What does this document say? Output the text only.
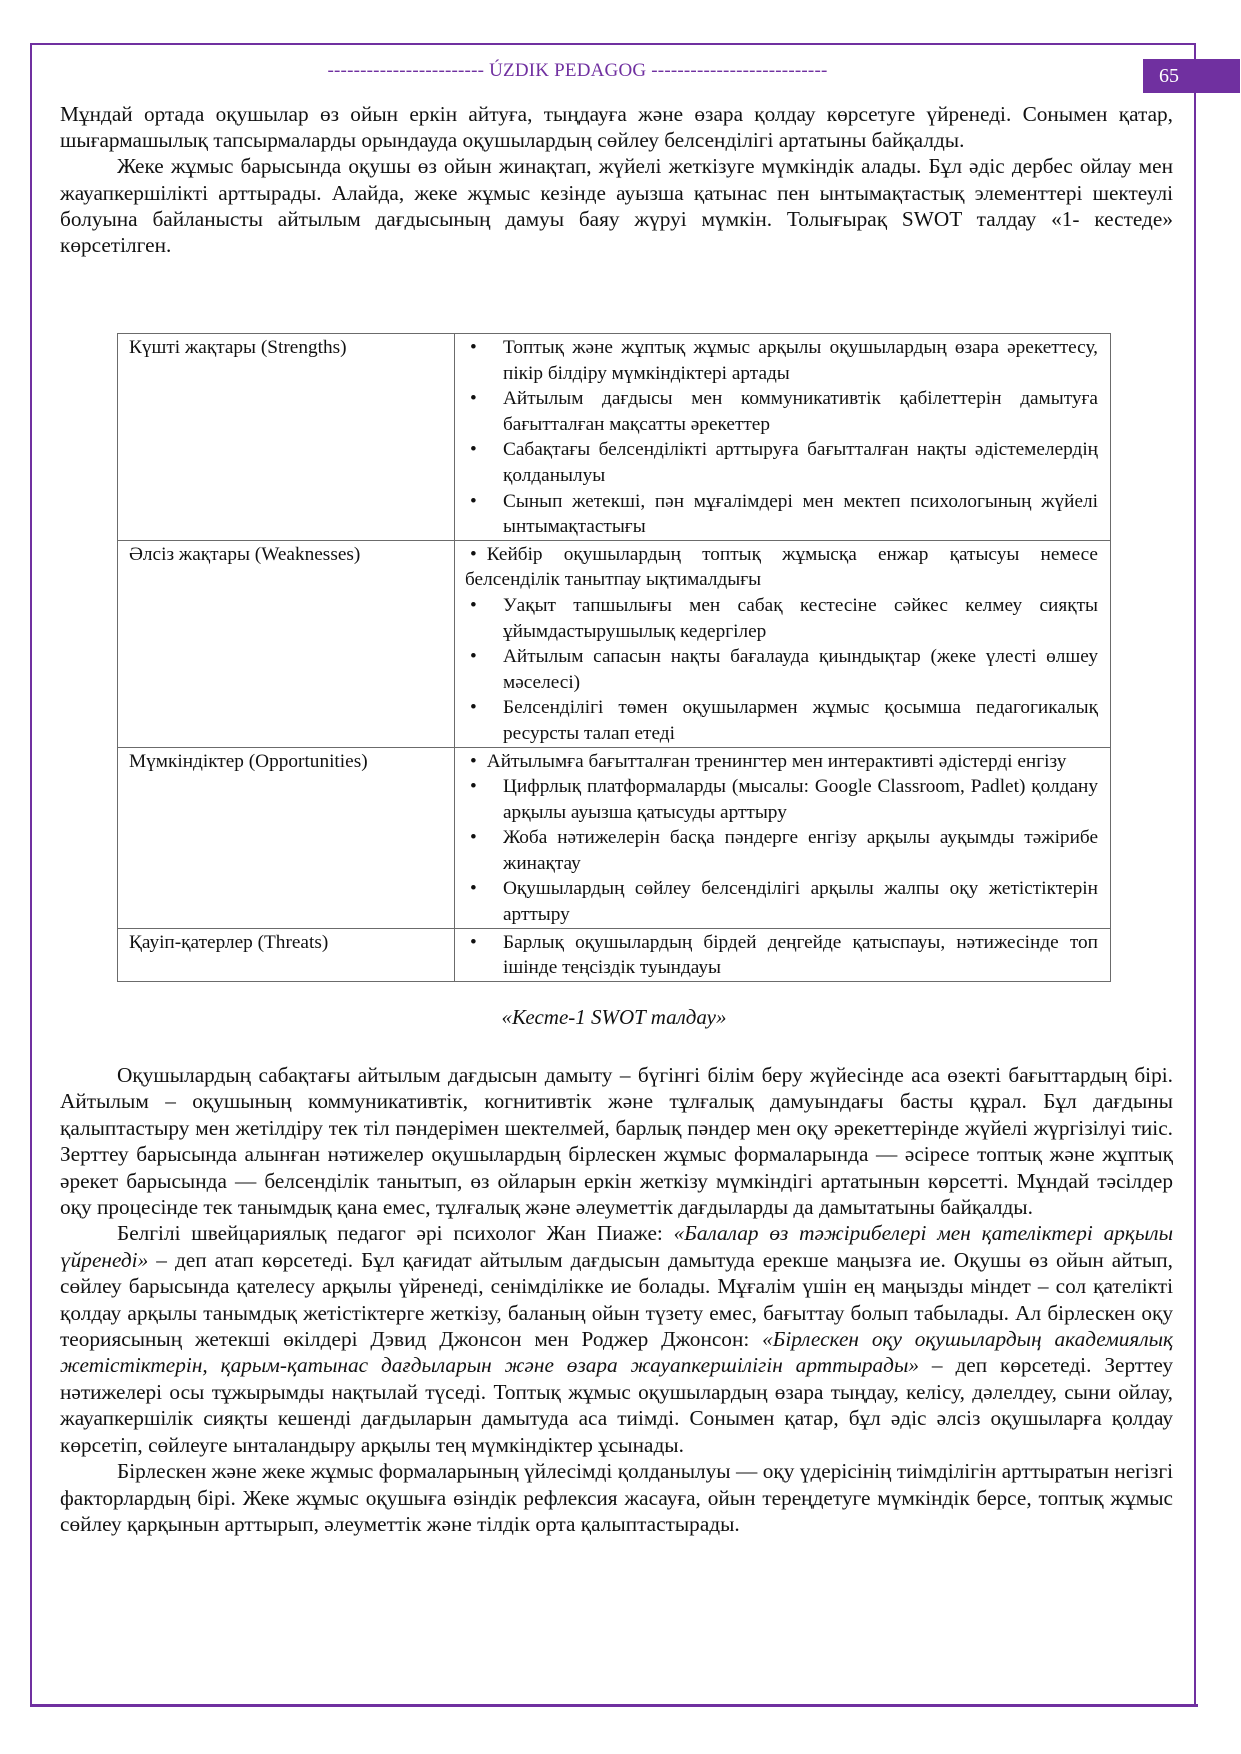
------------------------ ÚZDIK PEDAGOG ---------------------------	65

Мұндай ортада оқушылар өз ойын еркін айтуға, тыңдауға және өзара қолдау көрсетуге үйренеді. Сонымен қатар, шығармашылық тапсырмаларды орындауда оқушылардың сөйлеу белсенділігі артатыны байқалды.

Жеке жұмыс барысында оқушы өз ойын жинақтап, жүйелі жеткізуге мүмкіндік алады. Бұл әдіс дербес ойлау мен жауапкершілікті арттырады. Алайда, жеке жұмыс кезінде ауызша қатынас пен ынтымақтастық элементтері шектеулі болуына байланысты айтылым дағдысының дамуы баяу жүруі мүмкін. Толығырақ SWOT талдау «1- кестеде» көрсетілген.

Күшті жақтары (Strengths)	• Топтық және жұптық жұмыс арқылы оқушылардың өзара әрекеттесу, пікір білдіру мүмкіндіктері артады
• Айтылым дағдысы мен коммуникативтік қабілеттерін дамытуға бағытталған мақсатты әрекеттер
• Сабақтағы белсенділікті арттыруға бағытталған нақты әдістемелердің қолданылуы
• Сынып жетекші, пән мұғалімдері мен мектеп психологының жүйелі ынтымақтастығы

Әлсіз жақтары (Weaknesses)	• Кейбір оқушылардың топтық жұмысқа енжар қатысуы немесе белсенділік танытпау ықтималдығы
• Уақыт тапшылығы мен сабақ кестесіне сәйкес келмеу сияқты ұйымдастырушылық кедергілер
• Айтылым сапасын нақты бағалауда қиындықтар (жеке үлесті өлшеу мәселесі)
• Белсенділігі төмен оқушылармен жұмыс қосымша педагогикалық ресурсты талап етеді

Мүмкіндіктер (Opportunities)	• Айтылымға бағытталған тренингтер мен интерактивті әдістерді енгізу
• Цифрлық платформаларды (мысалы: Google Classroom, Padlet) қолдану арқылы ауызша қатысуды арттыру
• Жоба нәтижелерін басқа пәндерге енгізу арқылы ауқымды тәжірибе жинақтау
• Оқушылардың сөйлеу белсенділігі арқылы жалпы оқу жетістіктерін арттыру

Қауіп-қатерлер (Threats)	• Барлық оқушылардың бірдей деңгейде қатыспауы, нәтижесінде топ ішінде теңсіздік туындауы
«Кесте-1 SWOT талдау»

Оқушылардың сабақтағы айтылым дағдысын дамыту – бүгінгі білім беру жүйесінде аса өзекті бағыттардың бірі. Айтылым – оқушының коммуникативтік, когнитивтік және тұлғалық дамуындағы басты құрал. Бұл дағдыны қалыптастыру мен жетілдіру тек тіл пәндерімен шектелмей, барлық пәндер мен оқу әрекеттерінде жүйелі жүргізілуі тиіс. Зерттеу барысында алынған нәтижелер оқушылардың бірлескен жұмыс формаларында — әсіресе топтық және жұптық әрекет барысында — белсенділік танытып, өз ойларын еркін жеткізу мүмкіндігі артатынын көрсетті. Мұндай тәсілдер оқу процесінде тек танымдық қана емес, тұлғалық және әлеуметтік дағдыларды да дамытатыны байқалды.

Белгілі швейцариялық педагог әрі психолог Жан Пиаже: «Балалар өз тәжірибелері мен қателіктері арқылы үйренеді» – деп атап көрсетеді. Бұл қағидат айтылым дағдысын дамытуда ерекше маңызға ие. Оқушы өз ойын айтып, сөйлеу барысында қателесу арқылы үйренеді, сенімділікке ие болады. Мұғалім үшін ең маңызды міндет – сол қателікті қолдау арқылы танымдық жетістіктерге жеткізу, баланың ойын түзету емес, бағыттау болып табылады. Ал бірлескен оқу теориясының жетекші өкілдері Дэвид Джонсон мен Роджер Джонсон: «Бірлескен оқу оқушылардың академиялық жетістіктерін, қарым-қатынас дағдыларын және өзара жауапкершілігін арттырады» – деп көрсетеді. Зерттеу нәтижелері осы тұжырымды нақтылай түседі. Топтық жұмыс оқушылардың өзара тыңдау, келісу, дәлелдеу, сыни ойлау, жауапкершілік сияқты кешенді дағдыларын дамытуда аса тиімді. Сонымен қатар, бұл әдіс әлсіз оқушыларға қолдау көрсетіп, сөйлеуге ынталандыру арқылы тең мүмкіндіктер ұсынады.

Бірлескен және жеке жұмыс формаларының үйлесімді қолданылуы — оқу үдерісінің тиімділігін арттыратын негізгі факторлардың бірі. Жеке жұмыс оқушыға өзіндік рефлексия жасауға, ойын тереңдетуге мүмкіндік берсе, топтық жұмыс сөйлеу қарқынын арттырып, әлеуметтік және тілдік орта қалыптастырады.
